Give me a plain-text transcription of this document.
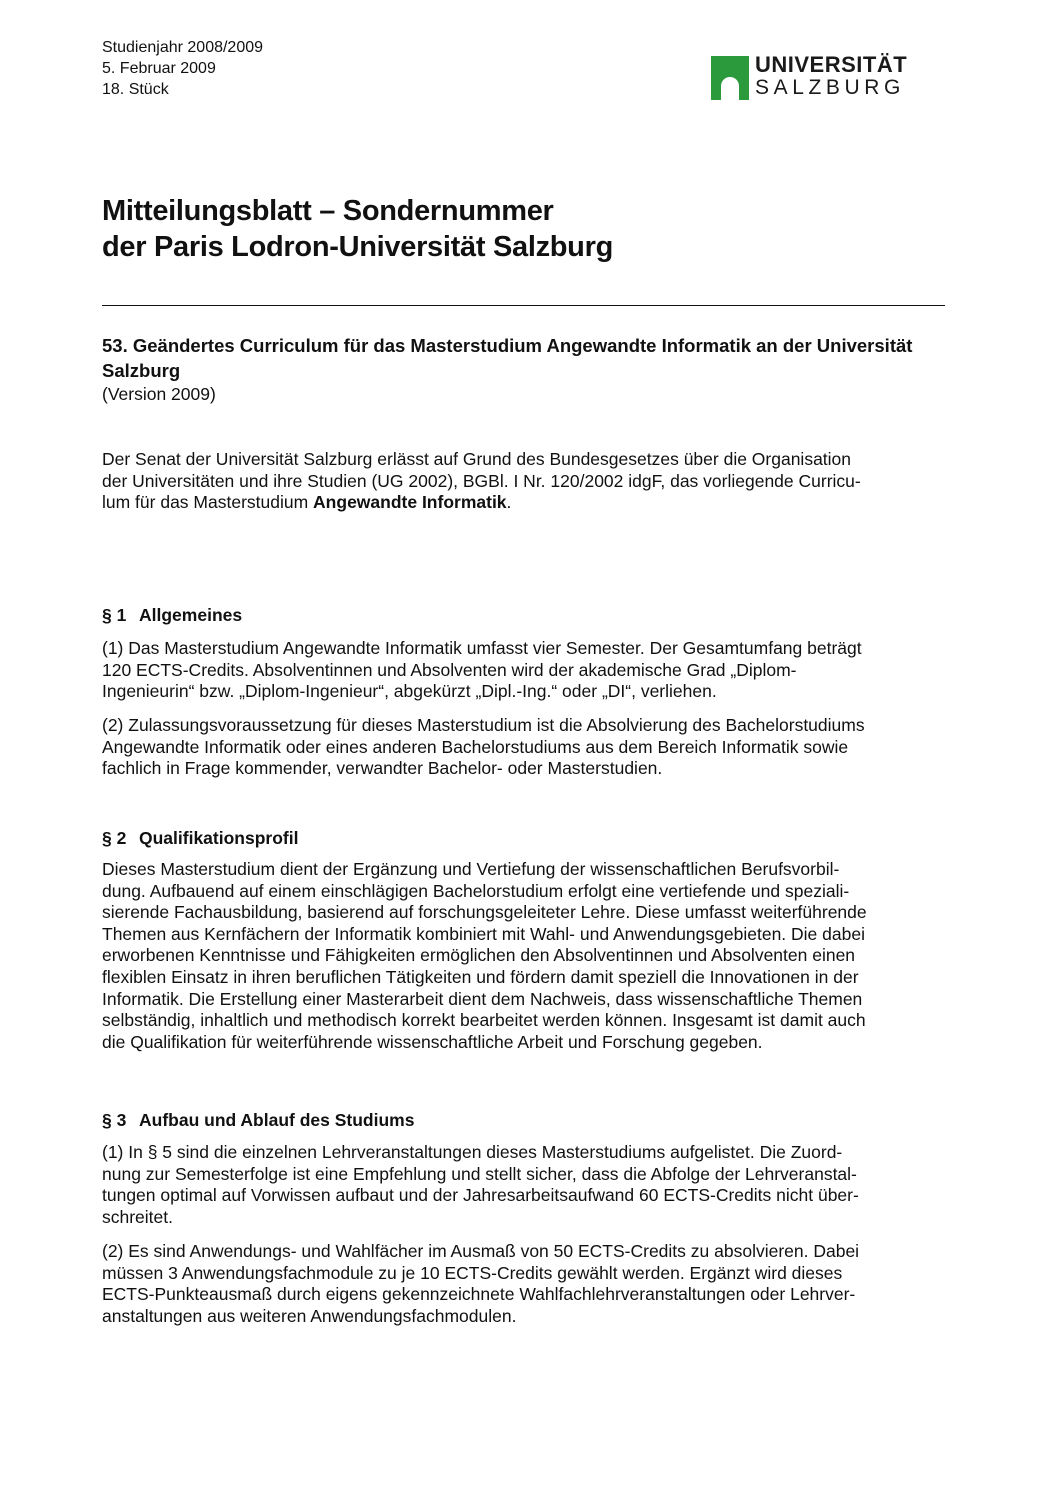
Studienjahr 2008/2009
5. Februar 2009
18. Stück
UNIVERSITÄT
SALZBURG
Mitteilungsblatt – Sondernummer
der Paris Lodron-Universität Salzburg
53. Geändertes Curriculum für das Masterstudium Angewandte Informatik an der Universität Salzburg
(Version 2009)
Der Senat der Universität Salzburg erlässt auf Grund des Bundesgesetzes über die Organisation
der Universitäten und ihre Studien (UG 2002), BGBl. I Nr. 120/2002 idgF, das vorliegende Curricu-
lum für das Masterstudium Angewandte Informatik.
§ 1 Allgemeines
(1) Das Masterstudium Angewandte Informatik umfasst vier Semester. Der Gesamtumfang beträgt
120 ECTS-Credits. Absolventinnen und Absolventen wird der akademische Grad „Diplom-
Ingenieurin“ bzw. „Diplom-Ingenieur“, abgekürzt „Dipl.-Ing.“ oder „DI“, verliehen.
(2) Zulassungsvoraussetzung für dieses Masterstudium ist die Absolvierung des Bachelorstudiums
Angewandte Informatik oder eines anderen Bachelorstudiums aus dem Bereich Informatik sowie
fachlich in Frage kommender, verwandter Bachelor- oder Masterstudien.
§ 2 Qualifikationsprofil
Dieses Masterstudium dient der Ergänzung und Vertiefung der wissenschaftlichen Berufsvorbil-
dung. Aufbauend auf einem einschlägigen Bachelorstudium erfolgt eine vertiefende und speziali-
sierende Fachausbildung, basierend auf forschungsgeleiteter Lehre. Diese umfasst weiterführende
Themen aus Kernfächern der Informatik kombiniert mit Wahl- und Anwendungsgebieten. Die dabei
erworbenen Kenntnisse und Fähigkeiten ermöglichen den Absolventinnen und Absolventen einen
flexiblen Einsatz in ihren beruflichen Tätigkeiten und fördern damit speziell die Innovationen in der
Informatik. Die Erstellung einer Masterarbeit dient dem Nachweis, dass wissenschaftliche Themen
selbständig, inhaltlich und methodisch korrekt bearbeitet werden können. Insgesamt ist damit auch
die Qualifikation für weiterführende wissenschaftliche Arbeit und Forschung gegeben.
§ 3 Aufbau und Ablauf des Studiums
(1) In § 5 sind die einzelnen Lehrveranstaltungen dieses Masterstudiums aufgelistet. Die Zuord-
nung zur Semesterfolge ist eine Empfehlung und stellt sicher, dass die Abfolge der Lehrveranstal-
tungen optimal auf Vorwissen aufbaut und der Jahresarbeitsaufwand 60 ECTS-Credits nicht über-
schreitet.
(2) Es sind Anwendungs- und Wahlfächer im Ausmaß von 50 ECTS-Credits zu absolvieren. Dabei
müssen 3 Anwendungsfachmodule zu je 10 ECTS-Credits gewählt werden. Ergänzt wird dieses
ECTS-Punkteausmaß durch eigens gekennzeichnete Wahlfachlehrveranstaltungen oder Lehrver-
anstaltungen aus weiteren Anwendungsfachmodulen.
